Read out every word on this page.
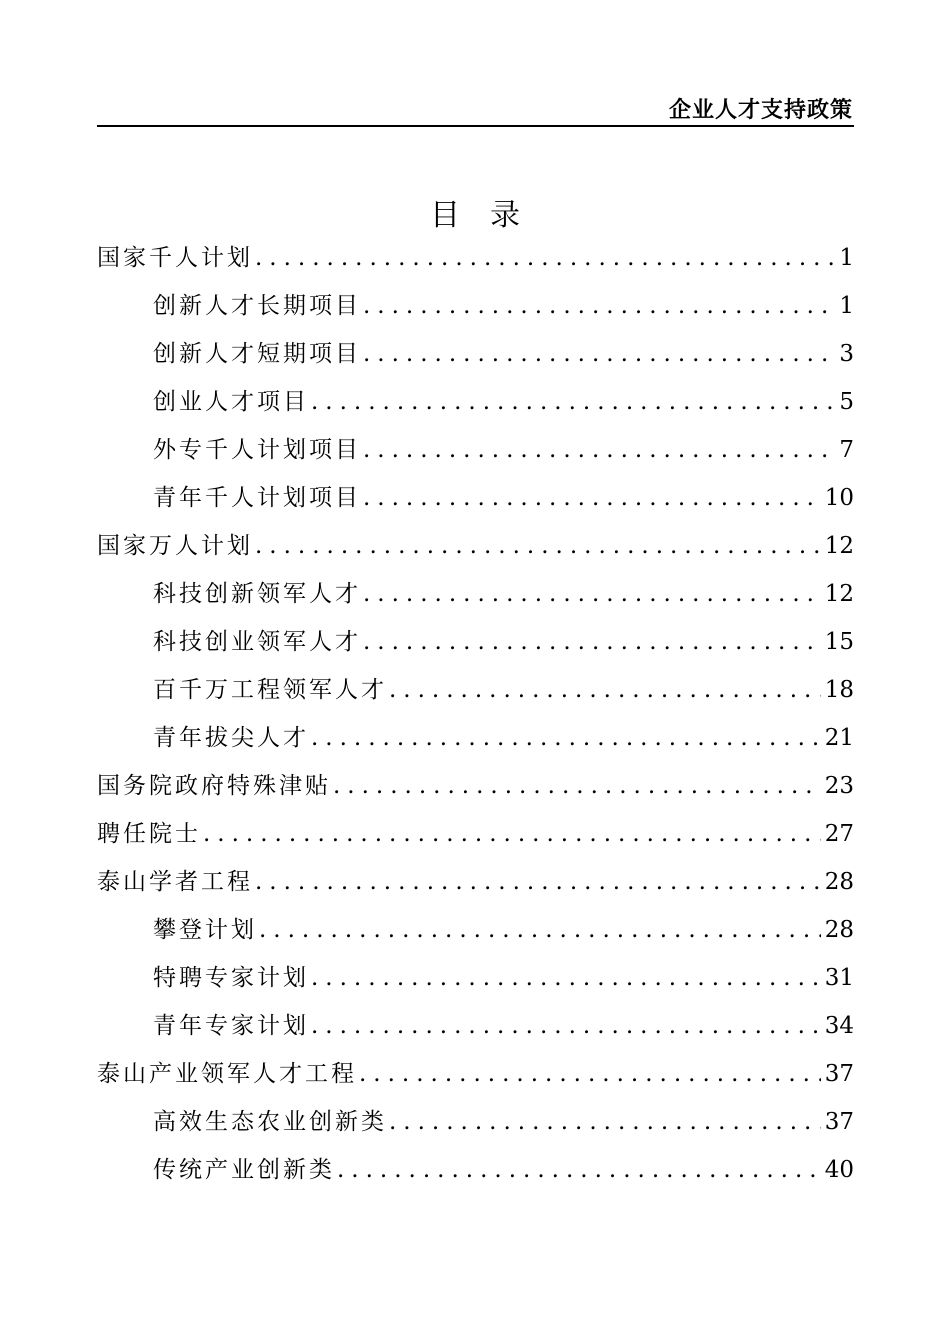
企业人才支持政策
目录
国家千人计划 .....	1
创新人才长期项目 .....	1
创新人才短期项目 .....	3
创业人才项目 .....	5
外专千人计划项目 .....	7
青年千人计划项目 .....	10
国家万人计划 .....	12
科技创新领军人才 .....	12
科技创业领军人才 .....	15
百千万工程领军人才 .....	18
青年拔尖人才 .....	21
国务院政府特殊津贴 .....	23
聘任院士 .....	27
泰山学者工程 .....	28
攀登计划 .....	28
特聘专家计划 .....	31
青年专家计划 .....	34
泰山产业领军人才工程 .....	37
高效生态农业创新类 .....	37
传统产业创新类 .....	40
